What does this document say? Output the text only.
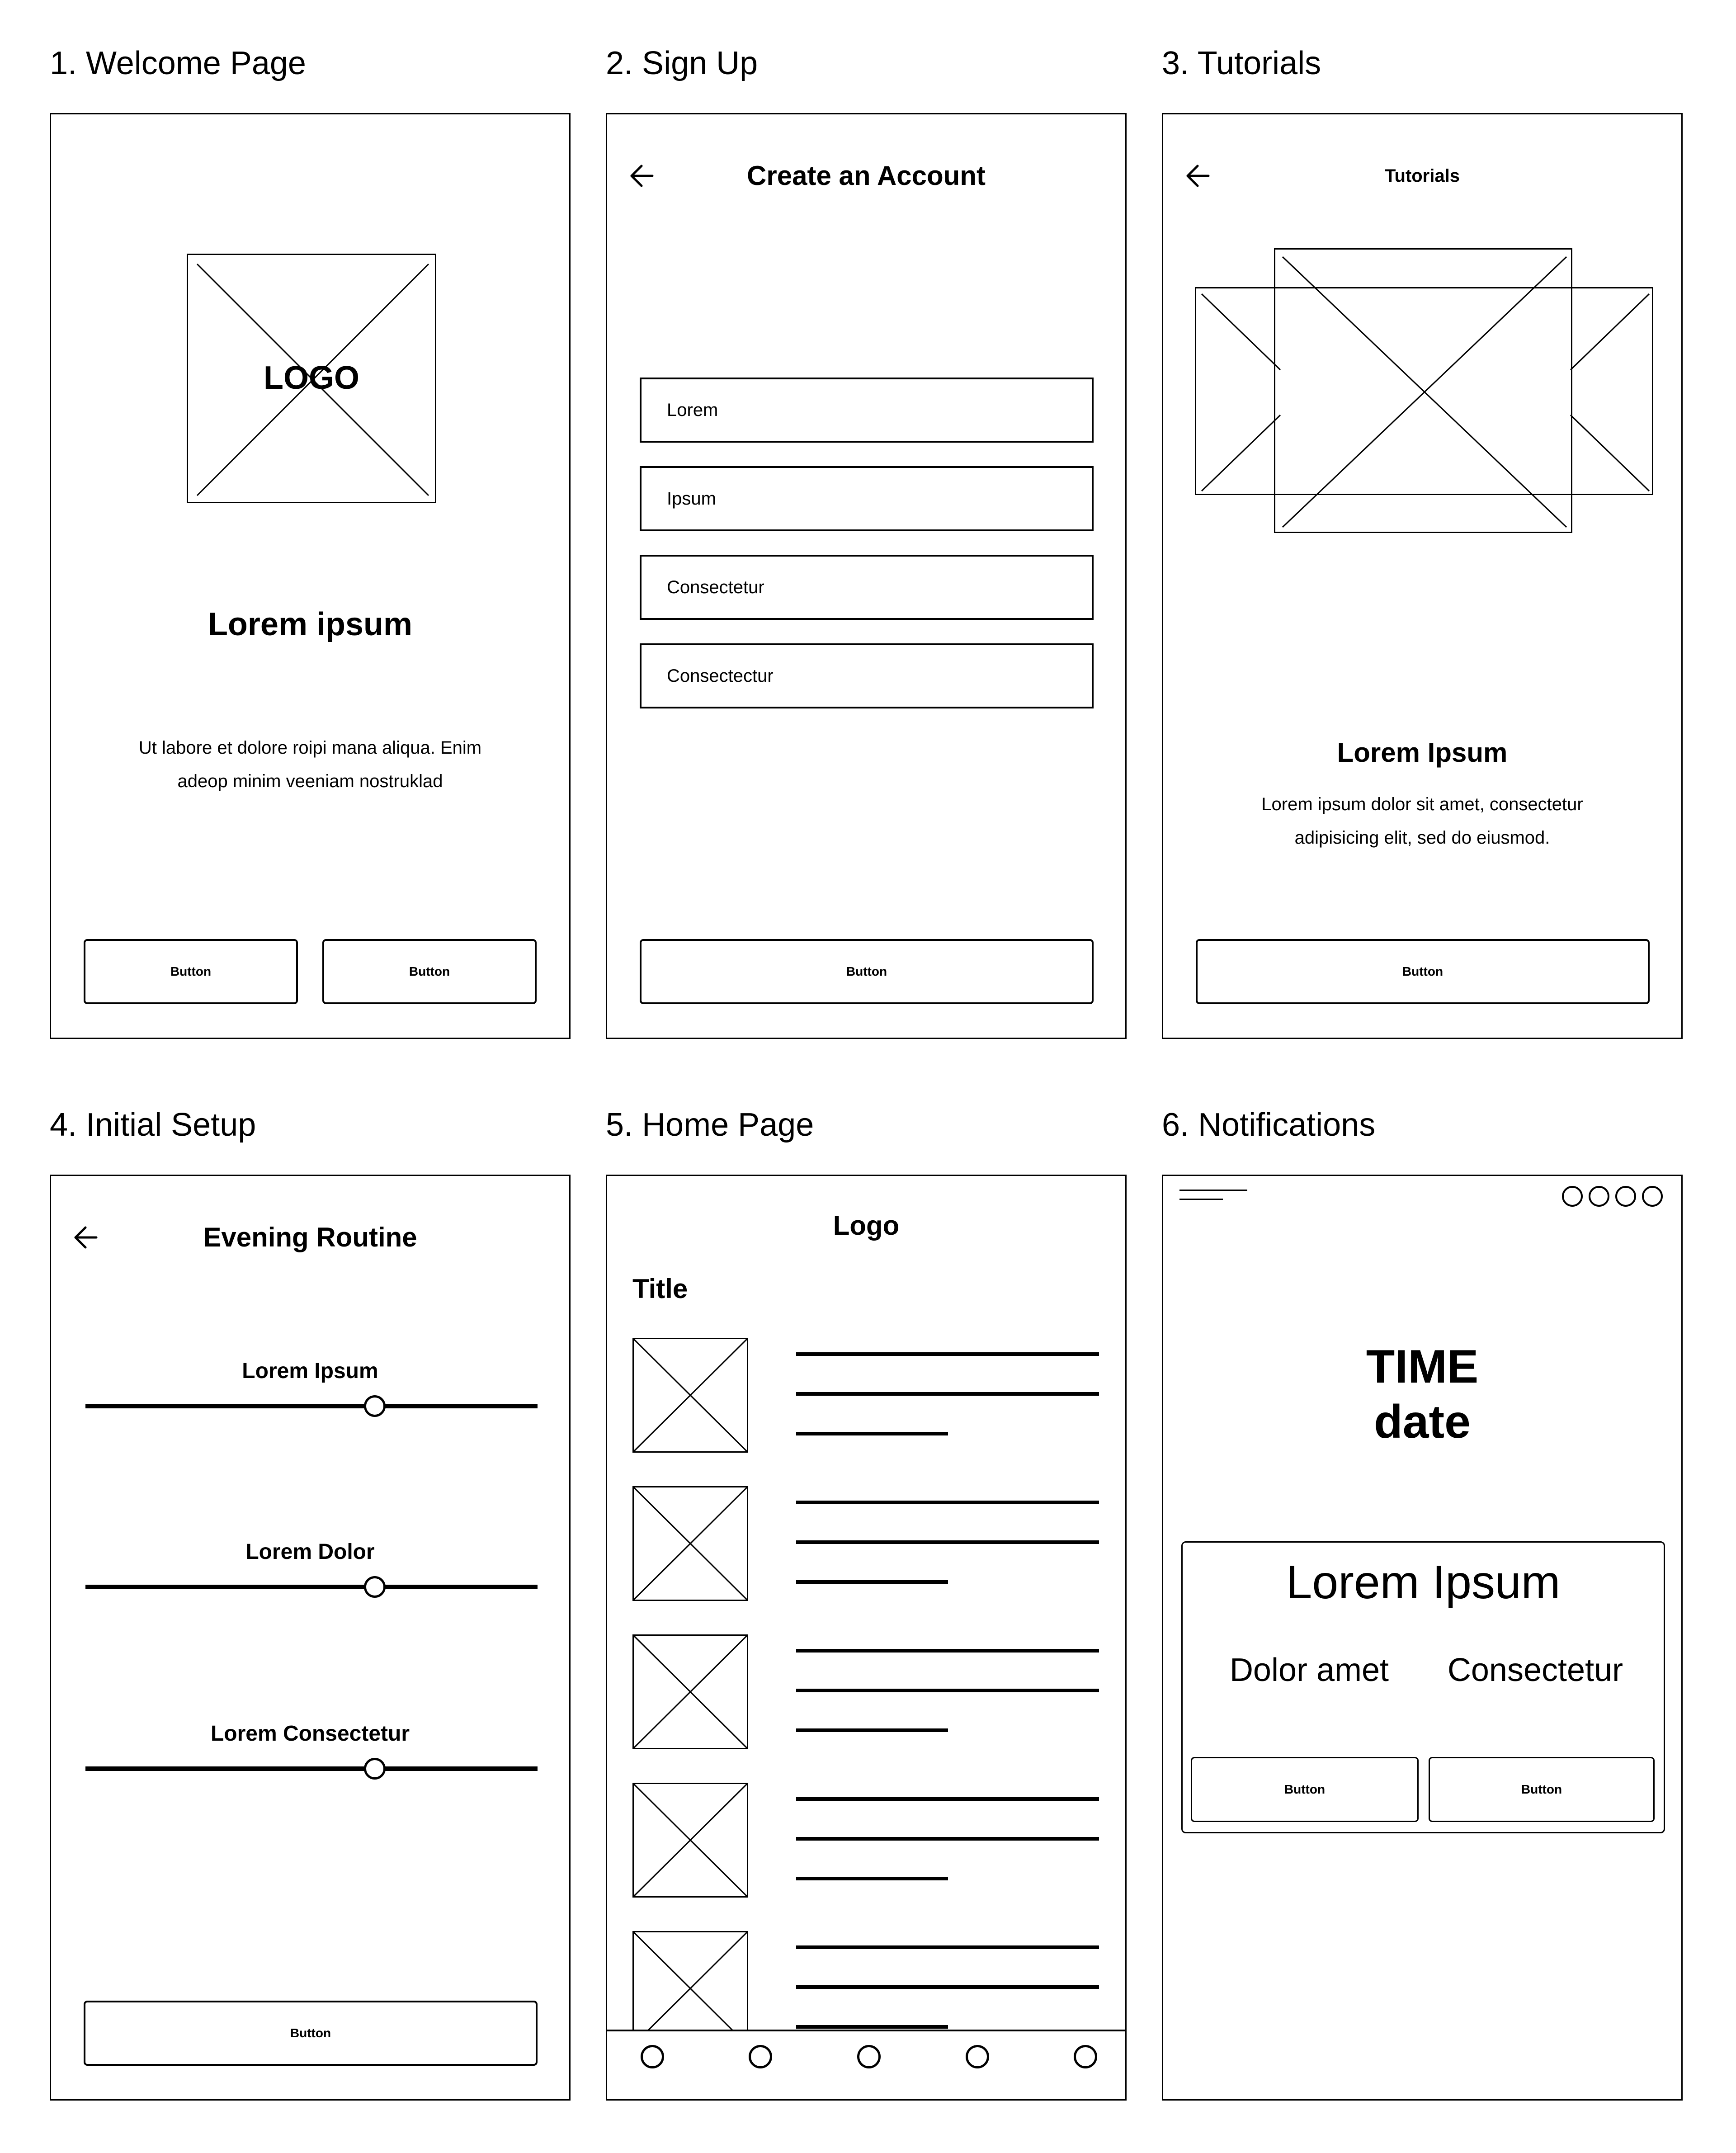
1. Welcome Page	2. Sign Up	3. Tutorials
4. Initial Setup	5. Home Page	6. Notifications
LOGO
Lorem ipsum
Ut labore et dolore roipi mana aliqua. Enim
adeop minim veeniam nostruklad
Button	Button
Create an Account
Lorem
Ipsum
Consectetur
Consectectur
Button
Tutorials
Lorem Ipsum
Lorem ipsum dolor sit amet, consectetur
adipisicing elit, sed do eiusmod.
Button
Evening Routine
Lorem Ipsum
Lorem Dolor
Lorem Consectetur
Button
Logo
Title
TIME
date
Lorem Ipsum
Dolor amet	Consectetur
Button	Button
